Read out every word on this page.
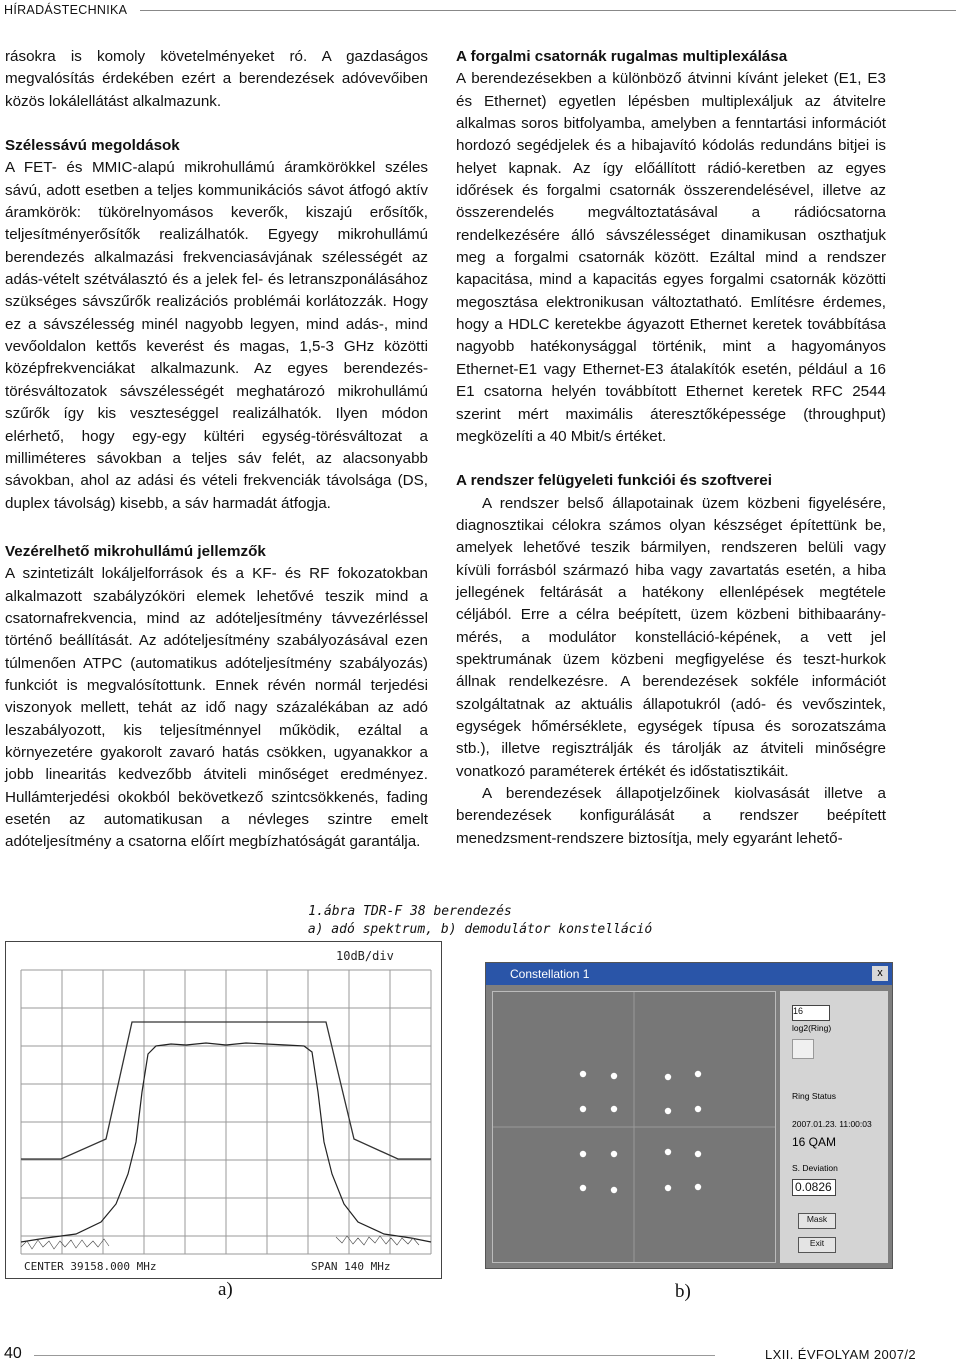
HÍRADÁSTECHNIKA

rásokra is komoly követelményeket ró. A gazdaságos megvalósítás érdekében ezért a berendezések adóvevőiben közös lokálellátást alkalmazunk.

Szélessávú megoldások

A FET- és MMIC-alapú mikrohullámú áramkörökkel széles sávú, adott esetben a teljes kommunikációs sávot átfogó aktív áramkörök: tükörelnyomásos keverők, kiszajú erősítők, teljesítményerősítők realizálhatók. Egyegy mikrohullámú berendezés alkalmazási frekvenciasávjának szélességét az adás-vételt szétválasztó és a jelek fel- és letranszponálásához szükséges sávszűrők realizációs problémái korlátozzák. Hogy ez a sávszélesség minél nagyobb legyen, mind adás-, mind vevőoldalon kettős keverést és magas, 1,5-3 GHz közötti középfrekvenciákat alkalmazunk. Az egyes berendezés-törésváltozatok sávszélességét meghatározó mikrohullámú szűrők így kis veszteséggel realizálhatók. Ilyen módon elérhető, hogy egy-egy kültéri egység-törésváltozat a milliméteres sávokban a teljes sáv felét, az alacsonyabb sávokban, ahol az adási és vételi frekvenciák távolsága (DS, duplex távolság) kisebb, a sáv harmadát átfogja.

Vezérelhető mikrohullámú jellemzők

A szintetizált lokáljelforrások és a KF- és RF fokozatokban alkalmazott szabályzóköri elemek lehetővé teszik mind a csatornafrekvencia, mind az adóteljesítmény távvezérléssel történő beállítását. Az adóteljesítmény szabályozásával ezen túlmenően ATPC (automatikus adóteljesítmény szabályozás) funkciót is megvalósítottunk. Ennek révén normál terjedési viszonyok mellett, tehát az idő nagy százalékában az adó leszabályozott, kis teljesítménnyel működik, ezáltal a környezetére gyakorolt zavaró hatás csökken, ugyanakkor a jobb linearitás kedvezőbb átviteli minőséget eredményez. Hullámterjedési okokból bekövetkező szintcsökkenés, fading esetén az automatikusan a névleges szintre emelt adóteljesítmény a csatorna előírt megbízhatóságát garantálja.

A forgalmi csatornák rugalmas multiplexálása

A berendezésekben a különböző átvinni kívánt jeleket (E1, E3 és Ethernet) egyetlen lépésben multiplexáljuk az átvitelre alkalmas soros bitfolyamba, amelyben a fenntartási információt hordozó segédjelek és a hibajavító kódolás redundáns bitjei is helyet kapnak. Az így előállított rádió-keretben az egyes időrések és forgalmi csatornák összerendelésével, illetve az összerendelés megváltoztatásával a rádiócsatorna rendelkezésére álló sávszélességet dinamikusan oszthatjuk meg a forgalmi csatornák között. Ezáltal mind a rendszer kapacitása, mind a kapacitás egyes forgalmi csatornák közötti megosztása elektronikusan változtatható. Említésre érdemes, hogy a HDLC keretekbe ágyazott Ethernet keretek továbbítása nagyobb hatékonysággal történik, mint a hagyományos Ethernet-E1 vagy Ethernet-E3 átalakítók esetén, például a 16 E1 csatorna helyén továbbított Ethernet keretek RFC 2544 szerint mért maximális áteresztőképessége (throughput) megközelíti a 40 Mbit/s értéket.

A rendszer felügyeleti funkciói és szoftverei

A rendszer belső állapotainak üzem közbeni figyelésére, diagnosztikai célokra számos olyan készséget építettünk be, amelyek lehetővé teszik bármilyen, rendszeren belüli vagy kívüli forrásból származó hiba vagy zavartatás esetén, a hiba jellegének feltárását a hatékony ellenlépések megtétele céljából. Erre a célra beépített, üzem közbeni bithibaarány-mérés, a modulátor konstelláció-képének, a vett jel spektrumának üzem közbeni megfigyelése és teszt-hurkok állnak rendelkezésre. A berendezések sokféle információt szolgáltatnak az aktuális állapotukról (adó- és vevőszintek, egységek hőmérséklete, egységek típusa és sorozatszáma stb.), illetve regisztrálják és tárolják az átviteli minőségre vonatkozó paraméterek értékét és időstatisztikáit.

A berendezések állapotjelzőinek kiolvasását illetve a berendezések konfigurálását a rendszer beépített menedzsment-rendszere biztosítja, mely egyaránt lehető-

1.ábra TDR-F 38 berendezés
a) adó spektrum, b) demodulátor konstelláció
10dB/div
CENTER 39158.000 MHz	SPAN 140 MHz
a)
Constellation 1	x
16
log2(Ring)
Ring Status
2007.01.23. 11:00:03
16 QAM
S. Deviation
0.0826
Mask
Exit
b)
40	LXII. ÉVFOLYAM 2007/2
